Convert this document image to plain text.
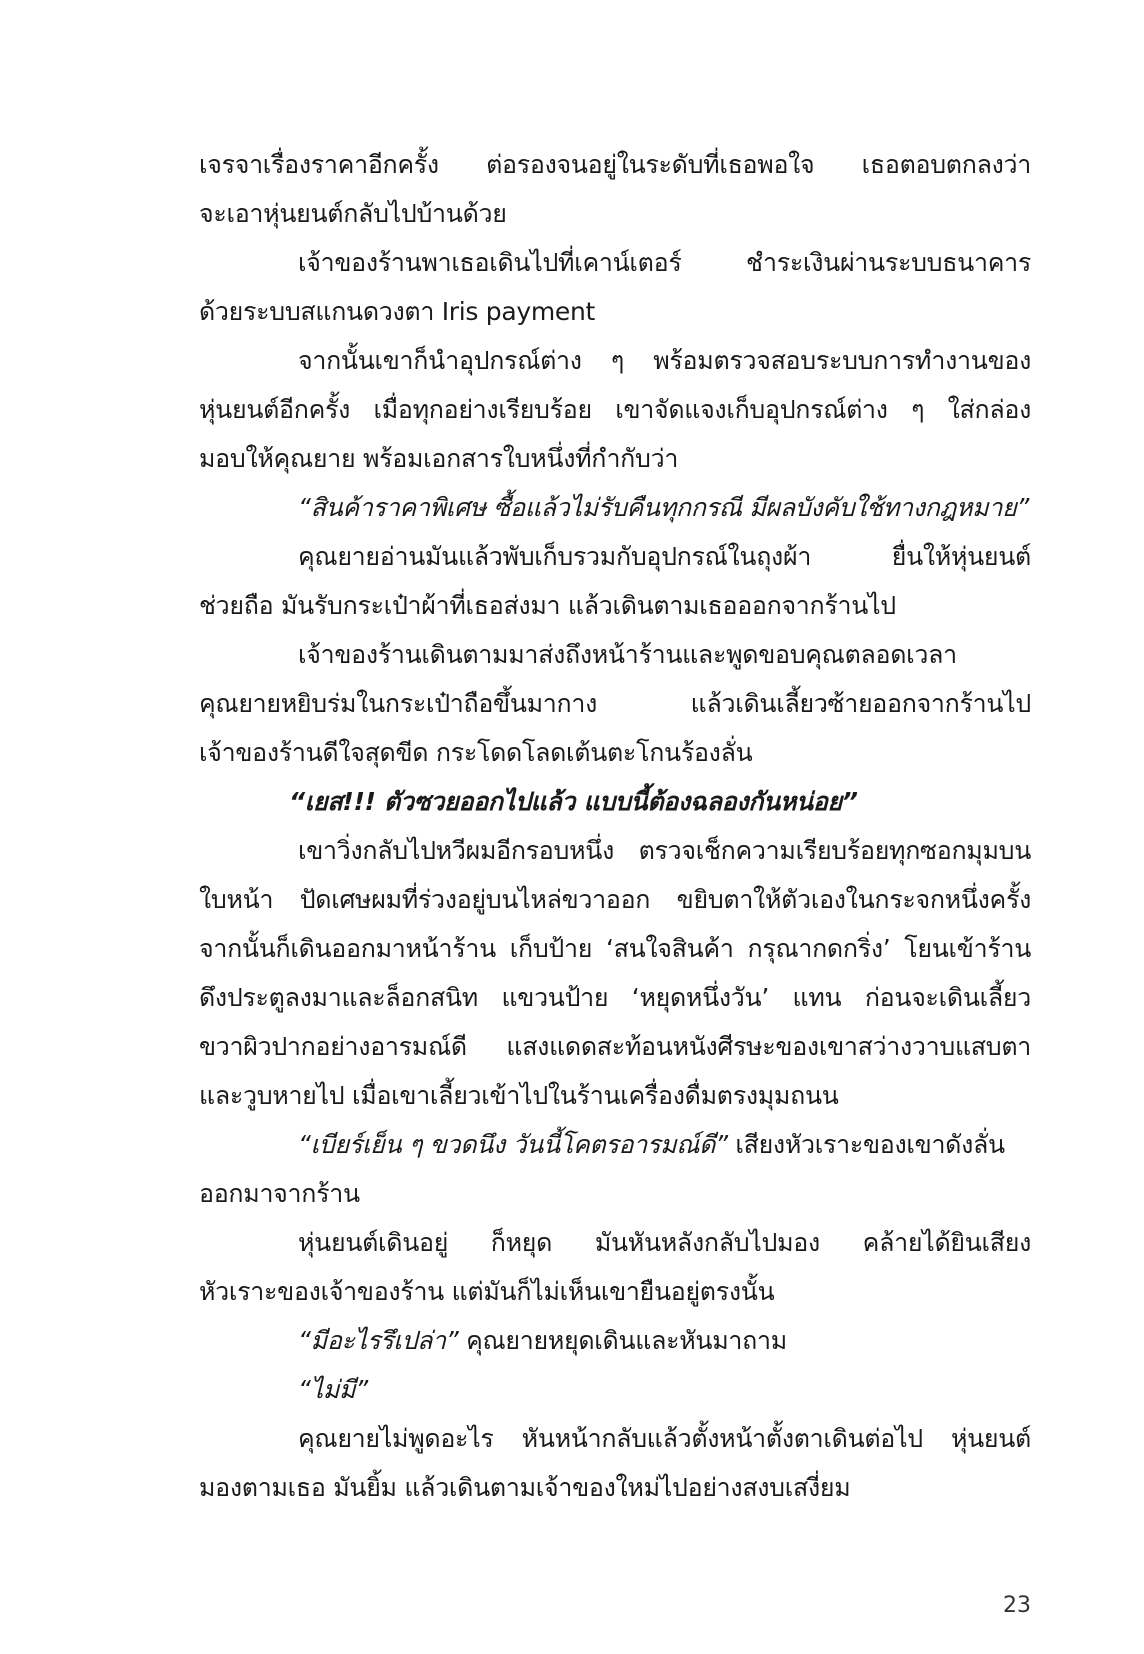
เจรจาเรื่องราคาอีกครั้ง ต่อรองจนอยู่ในระดับที่เธอพอใจ เธอตอบตกลงว่า
จะเอาหุ่นยนต์กลับไปบ้านด้วย
เจ้าของร้านพาเธอเดินไปที่เคาน์เตอร์ ชำระเงินผ่านระบบธนาคาร
ด้วยระบบสแกนดวงตา Iris payment
จากนั้นเขาก็นำอุปกรณ์ต่าง ๆ พร้อมตรวจสอบระบบการทำงานของ
หุ่นยนต์อีกครั้ง เมื่อทุกอย่างเรียบร้อย เขาจัดแจงเก็บอุปกรณ์ต่าง ๆ ใส่กล่อง
มอบให้คุณยาย พร้อมเอกสารใบหนึ่งที่กำกับว่า
“สินค้าราคาพิเศษ ซื้อแล้วไม่รับคืนทุกกรณี มีผลบังคับใช้ทางกฎหมาย”
คุณยายอ่านมันแล้วพับเก็บรวมกับอุปกรณ์ในถุงผ้า ยื่นให้หุ่นยนต์
ช่วยถือ มันรับกระเป๋าผ้าที่เธอส่งมา แล้วเดินตามเธอออกจากร้านไป
เจ้าของร้านเดินตามมาส่งถึงหน้าร้านและพูดขอบคุณตลอดเวลา
คุณยายหยิบร่มในกระเป๋าถือขึ้นมากาง แล้วเดินเลี้ยวซ้ายออกจากร้านไป
เจ้าของร้านดีใจสุดขีด กระโดดโลดเต้นตะโกนร้องลั่น
“เยส!!! ตัวซวยออกไปแล้ว แบบนี้ต้องฉลองกันหน่อย”
เขาวิ่งกลับไปหวีผมอีกรอบหนึ่ง ตรวจเช็กความเรียบร้อยทุกซอกมุมบน
ใบหน้า ปัดเศษผมที่ร่วงอยู่บนไหล่ขวาออก ขยิบตาให้ตัวเองในกระจกหนึ่งครั้ง
จากนั้นก็เดินออกมาหน้าร้าน เก็บป้าย ‘สนใจสินค้า กรุณากดกริ่ง’ โยนเข้าร้าน
ดึงประตูลงมาและล็อกสนิท แขวนป้าย ‘หยุดหนึ่งวัน’ แทน ก่อนจะเดินเลี้ยว
ขวาผิวปากอย่างอารมณ์ดี แสงแดดสะท้อนหนังศีรษะของเขาสว่างวาบแสบตา
และวูบหายไป เมื่อเขาเลี้ยวเข้าไปในร้านเครื่องดื่มตรงมุมถนน
“เบียร์เย็น ๆ ขวดนึง วันนี้โคตรอารมณ์ดี” เสียงหัวเราะของเขาดังลั่น
ออกมาจากร้าน
หุ่นยนต์เดินอยู่ ก็หยุด มันหันหลังกลับไปมอง คล้ายได้ยินเสียง
หัวเราะของเจ้าของร้าน แต่มันก็ไม่เห็นเขายืนอยู่ตรงนั้น
“มีอะไรรึเปล่า” คุณยายหยุดเดินและหันมาถาม
“ไม่มี”
คุณยายไม่พูดอะไร หันหน้ากลับแล้วตั้งหน้าตั้งตาเดินต่อไป หุ่นยนต์
มองตามเธอ มันยิ้ม แล้วเดินตามเจ้าของใหม่ไปอย่างสงบเสงี่ยม
23
